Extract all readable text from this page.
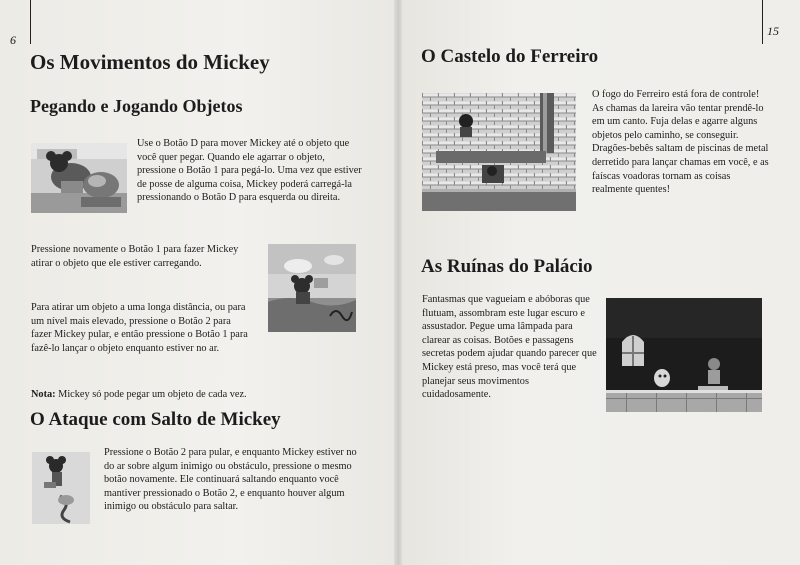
6
Os Movimentos do Mickey
Pegando e Jogando Objetos
Use o Botão D para mover Mickey até o objeto que você quer pegar. Quando ele agarrar o objeto, pressione o Botão 1 para pegá-lo. Uma vez que estiver de posse de alguma coisa, Mickey poderá carregá-la pressionando o Botão D para esquerda ou direita.
Pressione novamente o Botão 1 para fazer Mickey atirar o objeto que ele estiver carregando.
Para atirar um objeto a uma longa distância, ou para um nível mais elevado, pressione o Botão 2 para fazer Mickey pular, e então pressione o Botão 1 para fazê-lo lançar o objeto enquanto estiver no ar.
Nota: Mickey só pode pegar um objeto de cada vez.
O Ataque com Salto de Mickey
Pressione o Botão 2 para pular, e enquanto Mickey estiver no do ar sobre algum inimigo ou obstáculo, pressione o mesmo botão novamente. Ele continuará saltando enquanto você mantiver pressionado o Botão 2, e enquanto houver algum inimigo ou obstáculo para saltar.
15
O Castelo do Ferreiro
O fogo do Ferreiro está fora de controle! As chamas da lareira vão tentar prendê-lo em um canto. Fuja delas e agarre alguns objetos pelo caminho, se conseguir. Dragões-bebês saltam de piscinas de metal derretido para lançar chamas em você, e as faíscas voadoras tornam as coisas realmente quentes!
As Ruínas do Palácio
Fantasmas que vagueiam e abóboras que flutuam, assombram este lugar escuro e assustador. Pegue uma lâmpada para clarear as coisas. Botões e passagens secretas podem ajudar quando parecer que Mickey está preso, mas você terá que planejar seus movimentos cuidadosamente.
